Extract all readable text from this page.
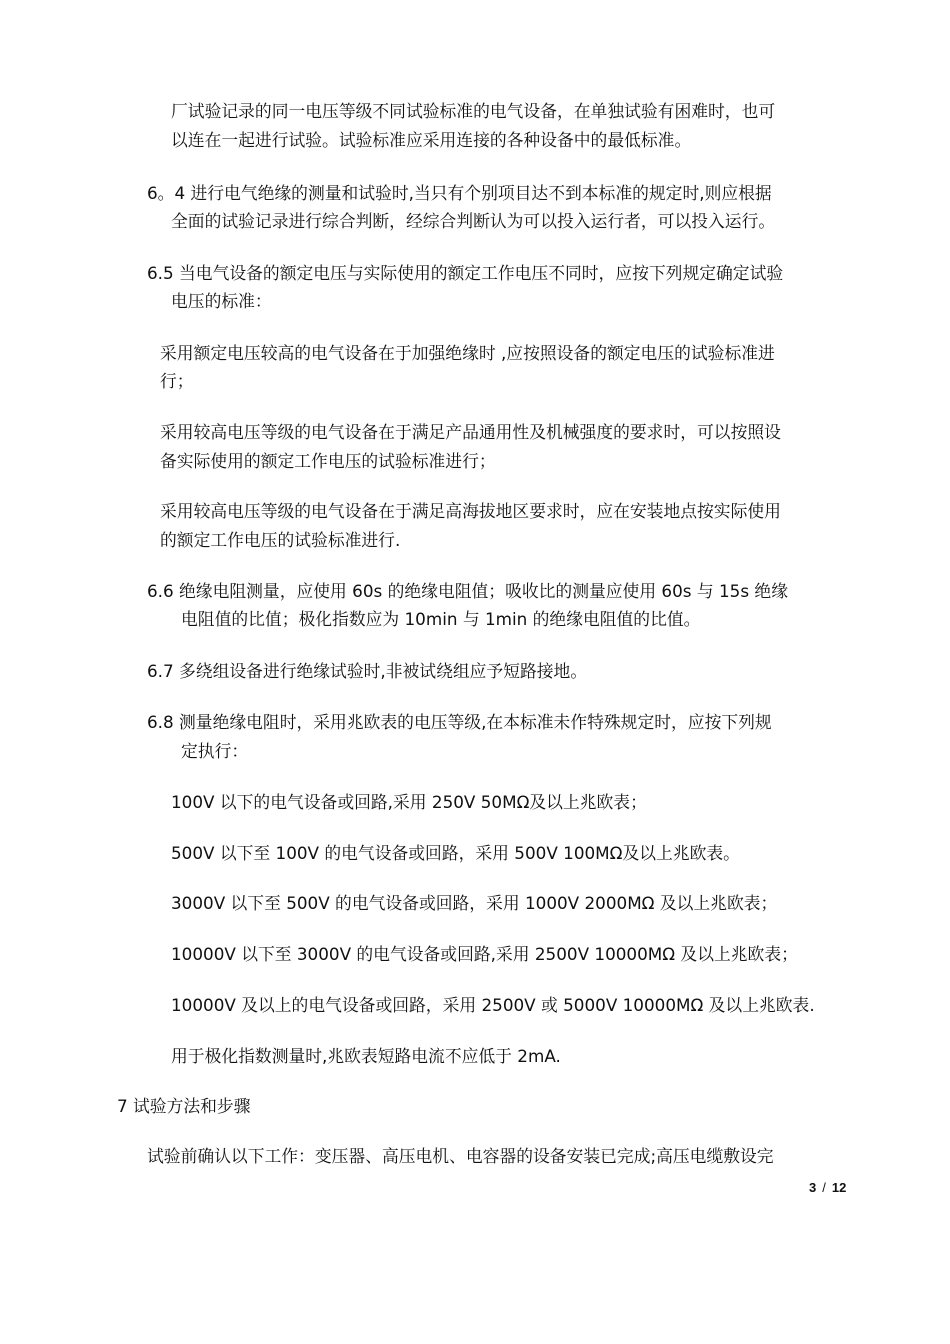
厂试验记录的同一电压等级不同试验标准的电气设备，在单独试验有困难时，也可
以连在一起进行试验。试验标准应采用连接的各种设备中的最低标准。
6。4 进行电气绝缘的测量和试验时,当只有个别项目达不到本标准的规定时,则应根据
全面的试验记录进行综合判断，经综合判断认为可以投入运行者，可以投入运行。
6.5 当电气设备的额定电压与实际使用的额定工作电压不同时，应按下列规定确定试验
电压的标准：
采用额定电压较高的电气设备在于加强绝缘时 ,应按照设备的额定电压的试验标准进
行；
采用较高电压等级的电气设备在于满足产品通用性及机械强度的要求时，可以按照设
备实际使用的额定工作电压的试验标准进行；
采用较高电压等级的电气设备在于满足高海拔地区要求时，应在安装地点按实际使用
的额定工作电压的试验标准进行.
6.6 绝缘电阻测量，应使用 60s 的绝缘电阻值；吸收比的测量应使用 60s 与 15s 绝缘
电阻值的比值；极化指数应为 10min 与 1min 的绝缘电阻值的比值。
6.7 多绕组设备进行绝缘试验时,非被试绕组应予短路接地。
6.8 测量绝缘电阻时，采用兆欧表的电压等级,在本标准未作特殊规定时，应按下列规
定执行：
100V 以下的电气设备或回路,采用 250V 50MΩ及以上兆欧表；
500V 以下至 100V 的电气设备或回路，采用 500V 100MΩ及以上兆欧表。
3000V 以下至 500V 的电气设备或回路，采用 1000V 2000MΩ 及以上兆欧表；
10000V 以下至 3000V 的电气设备或回路,采用 2500V 10000MΩ 及以上兆欧表；
10000V 及以上的电气设备或回路，采用 2500V 或 5000V 10000MΩ 及以上兆欧表.
用于极化指数测量时,兆欧表短路电流不应低于 2mA.
7 试验方法和步骤
试验前确认以下工作：变压器、高压电机、电容器的设备安装已完成;高压电缆敷设完
3 / 12
